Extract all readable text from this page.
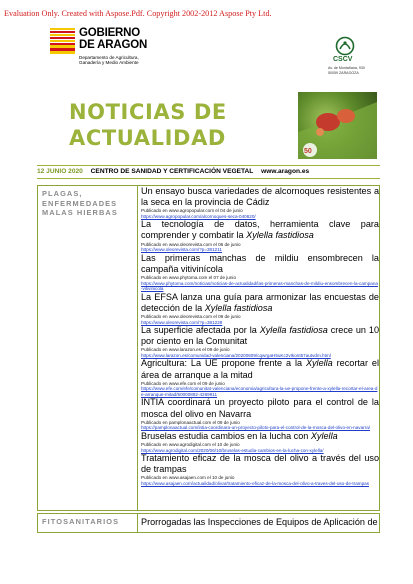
Evaluation Only. Created with Aspose.Pdf. Copyright 2002-2012 Aspose Pty Ltd.
GOBIERNO
DE ARAGON
Departamento de Agricultura,
Ganadería y Medio Ambiente	CSCV
Av. de Montañana, 930
50059 ZARAGOZA
NOTICIAS DE
ACTUALIDAD
50
12 JUNIO 2020 CENTRO DE SANIDAD Y CERTIFICACIÓN VEGETAL www.aragon.es
PLAGAS, ENFERMEDADES MALAS HIERBAS
Un ensayo busca variedades de alcornoques resistentes a la seca en la provincia de Cádiz
Publicado en www.agropopular.com el 04 de junio
https://www.agropopular.com/alcornoques-seca-040620/
La tecnología de datos, herramienta clave para comprender y combatir la Xylella fastidiosa
Publicado en www.oleorevista.com el 06 de junio
https://www.oleorevista.com/?p=381211
Las primeras manchas de mildiu ensombrecen la campaña vitivinícola
Publicado en www.phytoma.com el 07 de junio
https://www.phytoma.com/noticias/noticias-de-actualidad/las-primeras-manchas-de-mildiu-ensombrecen-la-campana-vitivinicola
La EFSA lanza una guía para armonizar las encuestas de detección de la Xylella fastidiosa
Publicado en www.oleorevista.com el 09 de junio
https://www.oleorevista.com/?p=381228
La superficie afectada por la Xylella fastidiosa crece un 10 por ciento en la Comunitat
Publicado en www.larazon.es el 09 de junio
https://www.larazon.es/comunidad-valenciana/20200609/cqwrgaH5uKc2vIkont57autvdm.html
Agricultura: La UE propone frente a la Xylella recortar el área de arranque a la mitad
Publicado en www.efe.com el 09 de junio
https://www.efe.com/efe/comunitat-valenciana/economia/agricultura-la-ue-propone-frente-a-xylella-recortar-el-area-de-arranque-mitad/50000882-4269911
INTIA coordinará un proyecto piloto para el control de la mosca del olivo en Navarra
Publicado en pamplonaactual.com el 09 de junio
https://pamplonaactual.com/intia-coordinara-un-proyecto-piloto-para-el-control-de-la-mosca-del-olivo-en-navarra/
Bruselas estudia cambios en la lucha con Xylella
Publicado en www.agrodigital.com el 10 de junio
https://www.agrodigital.com/2020/06/10/bruselas-estudia-cambios-en-la-lucha-con-xylella/
Tratamiento eficaz de la mosca del olivo a través del uso de trampas
Publicado en www.asajaen.com el 10 de junio
https://www.asajaen.com/actualidad/olivar/tratamiento-eficaz-de-la-mosca-del-olivo-a-traves-del-uso-de-trampas
FITOSANITARIOS	Prorrogadas las Inspecciones de Equipos de Aplicación de
